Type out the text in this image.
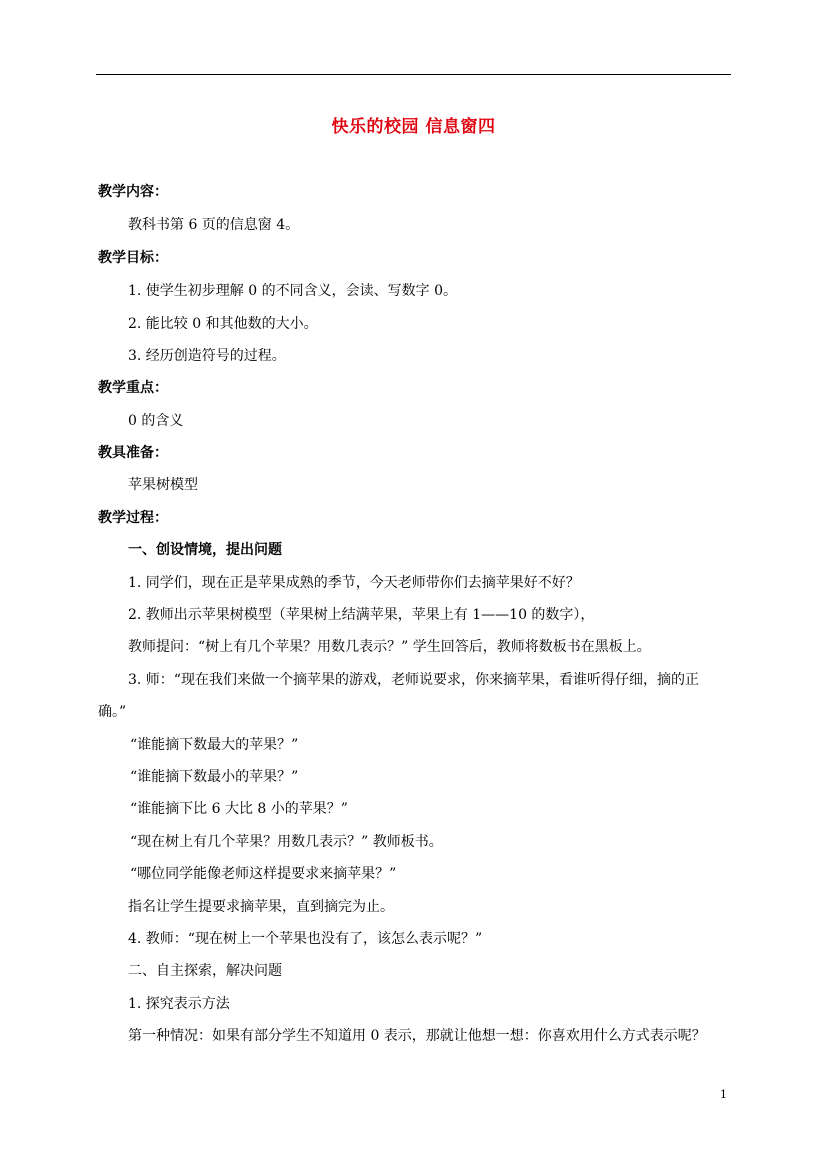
快乐的校园 信息窗四
教学内容：
教科书第 6 页的信息窗 4。
教学目标：
1. 使学生初步理解 0 的不同含义，会读、写数字 0。
2. 能比较 0 和其他数的大小。
3. 经历创造符号的过程。
教学重点：
0 的含义
教具准备：
苹果树模型
教学过程：
一、创设情境，提出问题
1. 同学们，现在正是苹果成熟的季节，今天老师带你们去摘苹果好不好？
2. 教师出示苹果树模型（苹果树上结满苹果，苹果上有 1——10 的数字），
教师提问：“树上有几个苹果？用数几表示？” 学生回答后，教师将数板书在黑板上。
3. 师：“现在我们来做一个摘苹果的游戏，老师说要求，你来摘苹果，看谁听得仔细，摘的正
确。”
“谁能摘下数最大的苹果？”
“谁能摘下数最小的苹果？”
“谁能摘下比 6 大比 8 小的苹果？”
“现在树上有几个苹果？用数几表示？” 教师板书。
“哪位同学能像老师这样提要求来摘苹果？”
指名让学生提要求摘苹果，直到摘完为止。
4. 教师：“现在树上一个苹果也没有了，该怎么表示呢？”
二、自主探索，解决问题
1. 探究表示方法
第一种情况：如果有部分学生不知道用 0 表示，那就让他想一想：你喜欢用什么方式表示呢？
1
